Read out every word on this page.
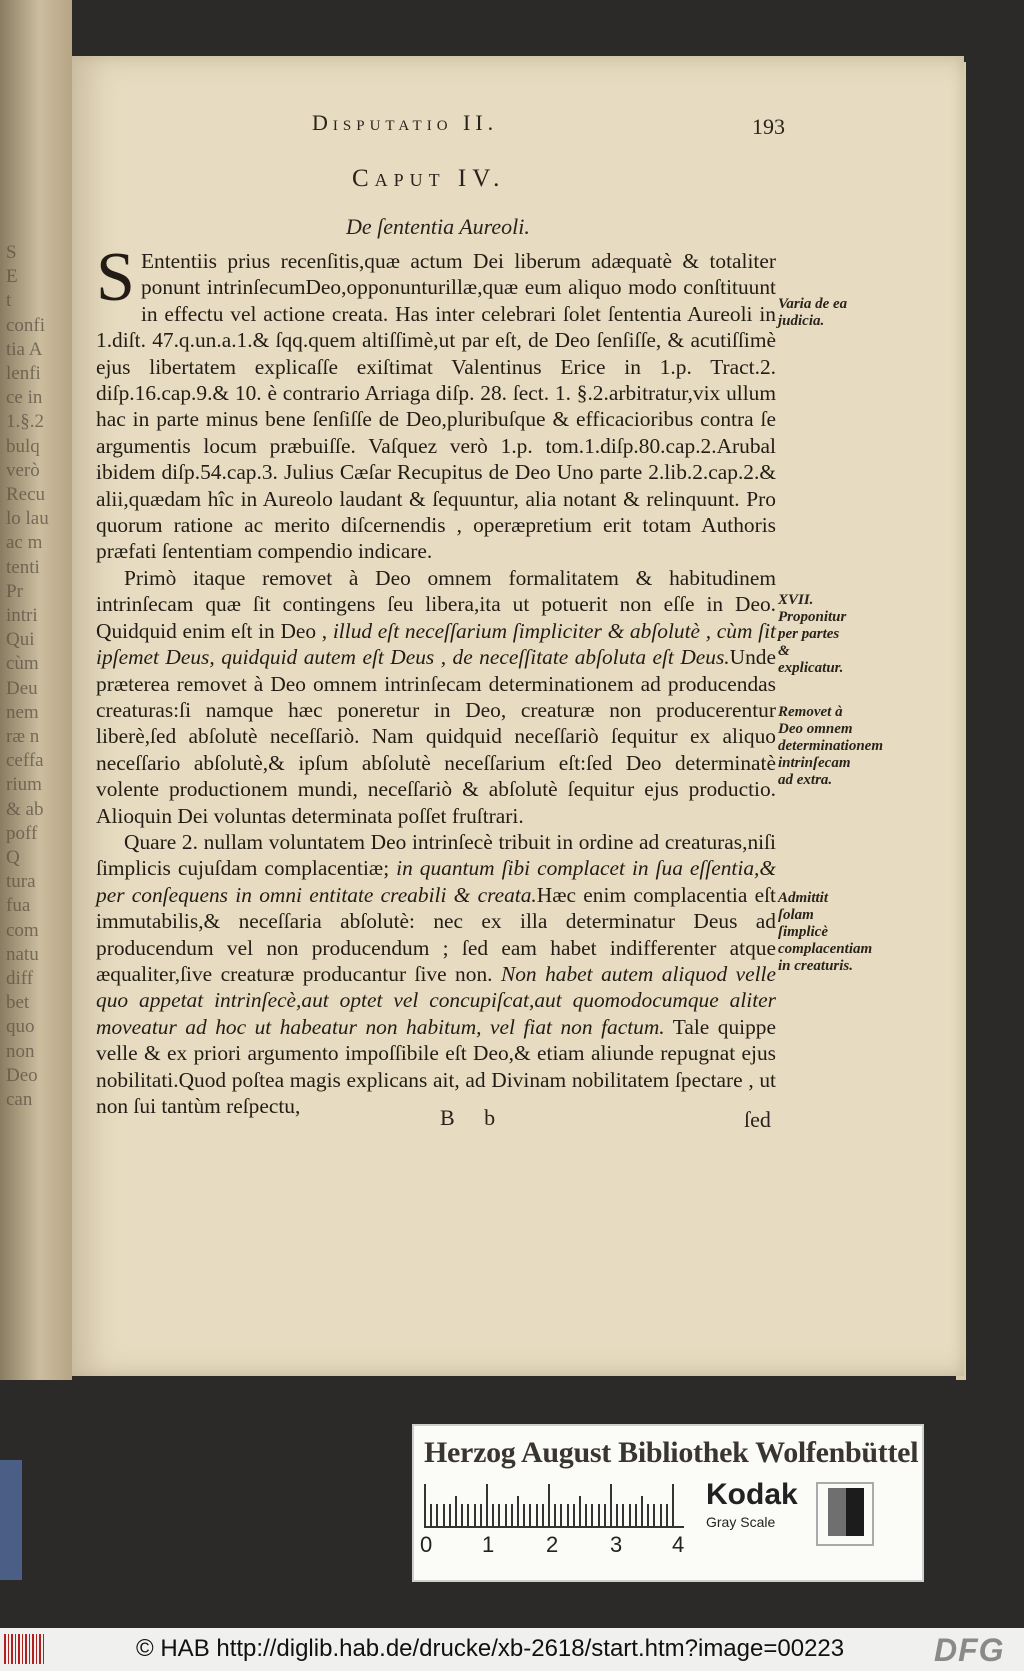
S
E
t
confi
tia A
lenfi
ce in
1.§.2
bulq
verò
Recu
lo lau
ac m
tenti
Pr
intri
Qui
cùm
Deu
nem
ræ n
ceffa
rium
& ab
poff
Q
tura
fua
com
natu
diff
bet
quo
non
Deo
can
Disputatio II.	193
Caput IV.
De ſententia Aureoli.

S Ententiis prius recenſitis,quæ actum Dei liberum adæquatè & totaliter ponunt intrinſecumDeo,opponunturillæ,quæ eum aliquo modo conſtituunt in effectu vel actione creata. Has inter celebrari ſolet ſententia Aureoli in 1.diſt. 47.q.un.a.1.& ſqq.quem altiſſimè,ut par eſt, de Deo ſenſiſſe, & acutiſſimè ejus libertatem explicaſſe exiſtimat Valentinus Erice in 1.p. Tract.2. diſp.16.cap.9.& 10. è contrario Arriaga diſp. 28. ſect. 1. §.2.arbitratur,vix ullum hac in parte minus bene ſenſiſſe de Deo,pluribuſque & efficacioribus contra ſe argumentis locum præbuiſſe. Vaſquez verò 1.p. tom.1.diſp.80.cap.2.Arubal ibidem diſp.54.cap.3. Julius Cæſar Recupitus de Deo Uno parte 2.lib.2.cap.2.& alii,quædam hîc in Aureolo laudant & ſequuntur, alia notant & relinquunt. Pro quorum ratione ac merito diſcernendis , operæpretium erit totam Authoris præfati ſententiam compendio indicare.

Primò itaque removet à Deo omnem formalitatem & habitudinem intrinſecam quæ ſit contingens ſeu libera,ita ut potuerit non eſſe in Deo. Quidquid enim eſt in Deo , illud eſt neceſſarium ſimpliciter & abſolutè , cùm ſit ipſemet Deus, quidquid autem eſt Deus , de neceſſitate abſoluta eſt Deus.Unde præterea removet à Deo omnem intrinſecam determinationem ad producendas creaturas:ſi namque hæc poneretur in Deo, creaturæ non producerentur liberè,ſed abſolutè neceſſariò. Nam quidquid neceſſariò ſequitur ex aliquo neceſſario abſolutè,& ipſum abſolutè neceſſarium eſt:ſed Deo determinatè volente productionem mundi, neceſſariò & abſolutè ſequitur ejus productio. Alioquin Dei voluntas determinata poſſet fruſtrari.

Quare 2. nullam voluntatem Deo intrinſecè tribuit in ordine ad creaturas,niſi ſimplicis cujuſdam complacentiæ; in quantum ſibi complacet in ſua eſſentia,& per conſequens in omni entitate creabili & creata.Hæc enim complacentia eſt immutabilis,& neceſſaria abſolutè: nec ex illa determinatur Deus ad producendum vel non producendum ; ſed eam habet indifferenter atque æqualiter,ſive creaturæ producantur ſive non. Non habet autem aliquod velle quo appetat intrinſecè,aut optet vel concupiſcat,aut quomodocumque aliter moveatur ad hoc ut habeatur non habitum, vel fiat non factum. Tale quippe velle & ex priori argumento impoſſibile eſt Deo,& etiam aliunde repugnat ejus nobilitati.Quod poſtea magis explicans ait, ad Divinam nobilitatem ſpectare , ut non ſui tantùm reſpectu,

Varia de ea judicia.
XVII. Proponitur per partes & explicatur.
Removet à Deo omnem determinationem intrinſecam ad extra.
Admittit ſolam ſimplicè complacentiam in creaturis.
B b	ſed
Herzog August Bibliothek Wolfenbüttel
0 1 2 3 4
Kodak
Gray Scale
© HAB http://diglib.hab.de/drucke/xb-2618/start.htm?image=00223	DFG
